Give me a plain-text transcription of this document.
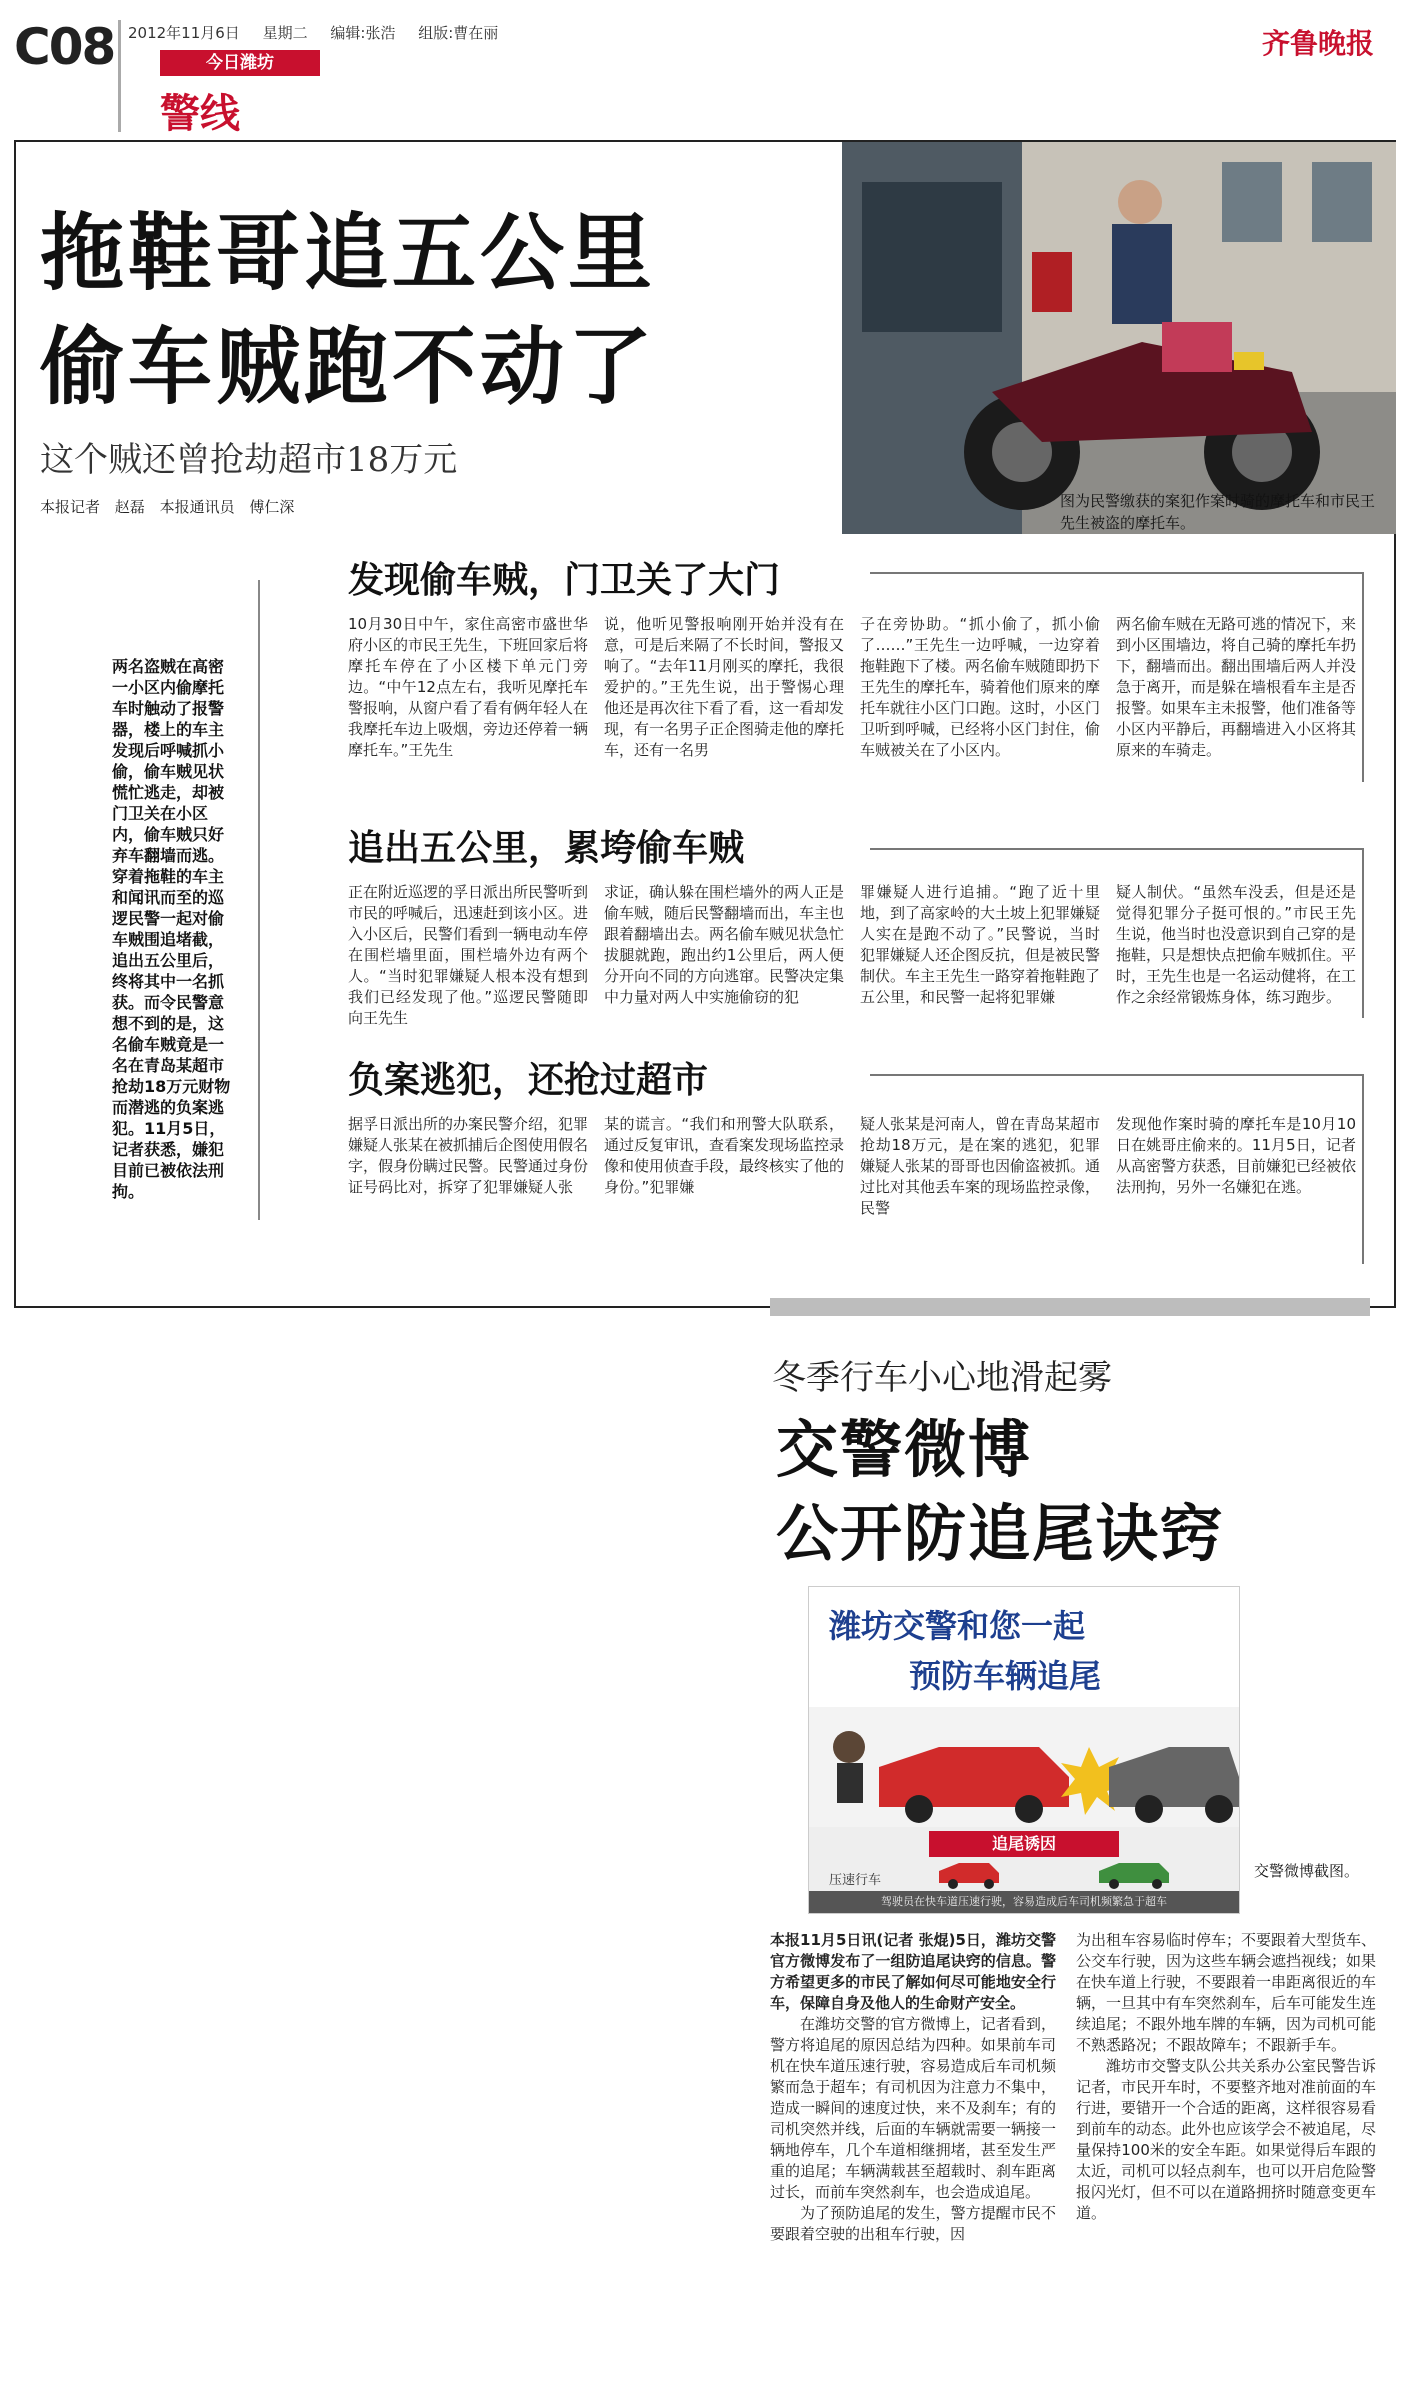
C08 2012年11月6日 星期二 编辑:张浩 组版:曹在丽
今日潍坊
警线
齐鲁晚报
拖鞋哥追五公里
偷车贼跑不动了
这个贼还曾抢劫超市18万元
本报记者 赵磊 本报通讯员 傅仁深	图为民警缴获的案犯作案时骑的摩托车和市民王先生被盗的摩托车。
两名盗贼在高密一小区内偷摩托车时触动了报警器，楼上的车主发现后呼喊抓小偷，偷车贼见状慌忙逃走，却被门卫关在小区内，偷车贼只好弃车翻墙而逃。穿着拖鞋的车主和闻讯而至的巡逻民警一起对偷车贼围追堵截，追出五公里后，终将其中一名抓获。而令民警意想不到的是，这名偷车贼竟是一名在青岛某超市抢劫18万元财物而潜逃的负案逃犯。11月5日，记者获悉，嫌犯目前已被依法刑拘。
发现偷车贼，门卫关了大门
10月30日中午，家住高密市盛世华府小区的市民王先生，下班回家后将摩托车停在了小区楼下单元门旁边。“中午12点左右，我听见摩托车警报响，从窗户看了看有俩年轻人在我摩托车边上吸烟，旁边还停着一辆摩托车。”王先生
说，他听见警报响刚开始并没有在意，可是后来隔了不长时间，警报又响了。“去年11月刚买的摩托，我很爱护的。”王先生说，出于警惕心理他还是再次往下看了看，这一看却发现，有一名男子正企图骑走他的摩托车，还有一名男
子在旁协助。“抓小偷了，抓小偷了……”王先生一边呼喊，一边穿着拖鞋跑下了楼。两名偷车贼随即扔下王先生的摩托车，骑着他们原来的摩托车就往小区门口跑。这时，小区门卫听到呼喊，已经将小区门封住，偷车贼被关在了小区内。
两名偷车贼在无路可逃的情况下，来到小区围墙边，将自己骑的摩托车扔下，翻墙而出。翻出围墙后两人并没急于离开，而是躲在墙根看车主是否报警。如果车主未报警，他们准备等小区内平静后，再翻墙进入小区将其原来的车骑走。
追出五公里，累垮偷车贼
正在附近巡逻的孚日派出所民警听到市民的呼喊后，迅速赶到该小区。进入小区后，民警们看到一辆电动车停在围栏墙里面，围栏墙外边有两个人。“当时犯罪嫌疑人根本没有想到我们已经发现了他。”巡逻民警随即向王先生
求证，确认躲在围栏墙外的两人正是偷车贼，随后民警翻墙而出，车主也跟着翻墙出去。两名偷车贼见状急忙拔腿就跑，跑出约1公里后，两人便分开向不同的方向逃窜。民警决定集中力量对两人中实施偷窃的犯
罪嫌疑人进行追捕。“跑了近十里地，到了高家岭的大土坡上犯罪嫌疑人实在是跑不动了。”民警说，当时犯罪嫌疑人还企图反抗，但是被民警制伏。车主王先生一路穿着拖鞋跑了五公里，和民警一起将犯罪嫌
疑人制伏。“虽然车没丢，但是还是觉得犯罪分子挺可恨的。”市民王先生说，他当时也没意识到自己穿的是拖鞋，只是想快点把偷车贼抓住。平时，王先生也是一名运动健将，在工作之余经常锻炼身体，练习跑步。
负案逃犯，还抢过超市
据孚日派出所的办案民警介绍，犯罪嫌疑人张某在被抓捕后企图使用假名字，假身份瞒过民警。民警通过身份证号码比对，拆穿了犯罪嫌疑人张
某的谎言。“我们和刑警大队联系，通过反复审讯，查看案发现场监控录像和使用侦查手段，最终核实了他的身份。”犯罪嫌
疑人张某是河南人，曾在青岛某超市抢劫18万元，是在案的逃犯，犯罪嫌疑人张某的哥哥也因偷盗被抓。通过比对其他丢车案的现场监控录像，民警
发现他作案时骑的摩托车是10月10日在姚哥庄偷来的。11月5日，记者从高密警方获悉，目前嫌犯已经被依法刑拘，另外一名嫌犯在逃。
冬季行车小心地滑起雾
交警微博
公开防追尾诀窍
潍坊交警和您一起
预防车辆追尾
追尾诱因
压速行车
驾驶员在快车道压速行驶，容易造成后车司机频繁急于超车
交警微博截图。
本报11月5日讯(记者 张焜)5日，潍坊交警官方微博发布了一组防追尾诀窍的信息。警方希望更多的市民了解如何尽可能地安全行车，保障自身及他人的生命财产安全。
在潍坊交警的官方微博上，记者看到，警方将追尾的原因总结为四种。如果前车司机在快车道压速行驶，容易造成后车司机频繁而急于超车；有司机因为注意力不集中，造成一瞬间的速度过快，来不及刹车；有的司机突然并线，后面的车辆就需要一辆接一辆地停车，几个车道相继拥堵，甚至发生严重的追尾；车辆满载甚至超载时、刹车距离过长，而前车突然刹车，也会造成追尾。
为了预防追尾的发生，警方提醒市民不要跟着空驶的出租车行驶，因
为出租车容易临时停车；不要跟着大型货车、公交车行驶，因为这些车辆会遮挡视线；如果在快车道上行驶，不要跟着一串距离很近的车辆，一旦其中有车突然刹车，后车可能发生连续追尾；不跟外地车牌的车辆，因为司机可能不熟悉路况；不跟故障车；不跟新手车。
潍坊市交警支队公共关系办公室民警告诉记者，市民开车时，不要整齐地对准前面的车行进，要错开一个合适的距离，这样很容易看到前车的动态。此外也应该学会不被追尾，尽量保持100米的安全车距。如果觉得后车跟的太近，司机可以轻点刹车，也可以开启危险警报闪光灯，但不可以在道路拥挤时随意变更车道。
